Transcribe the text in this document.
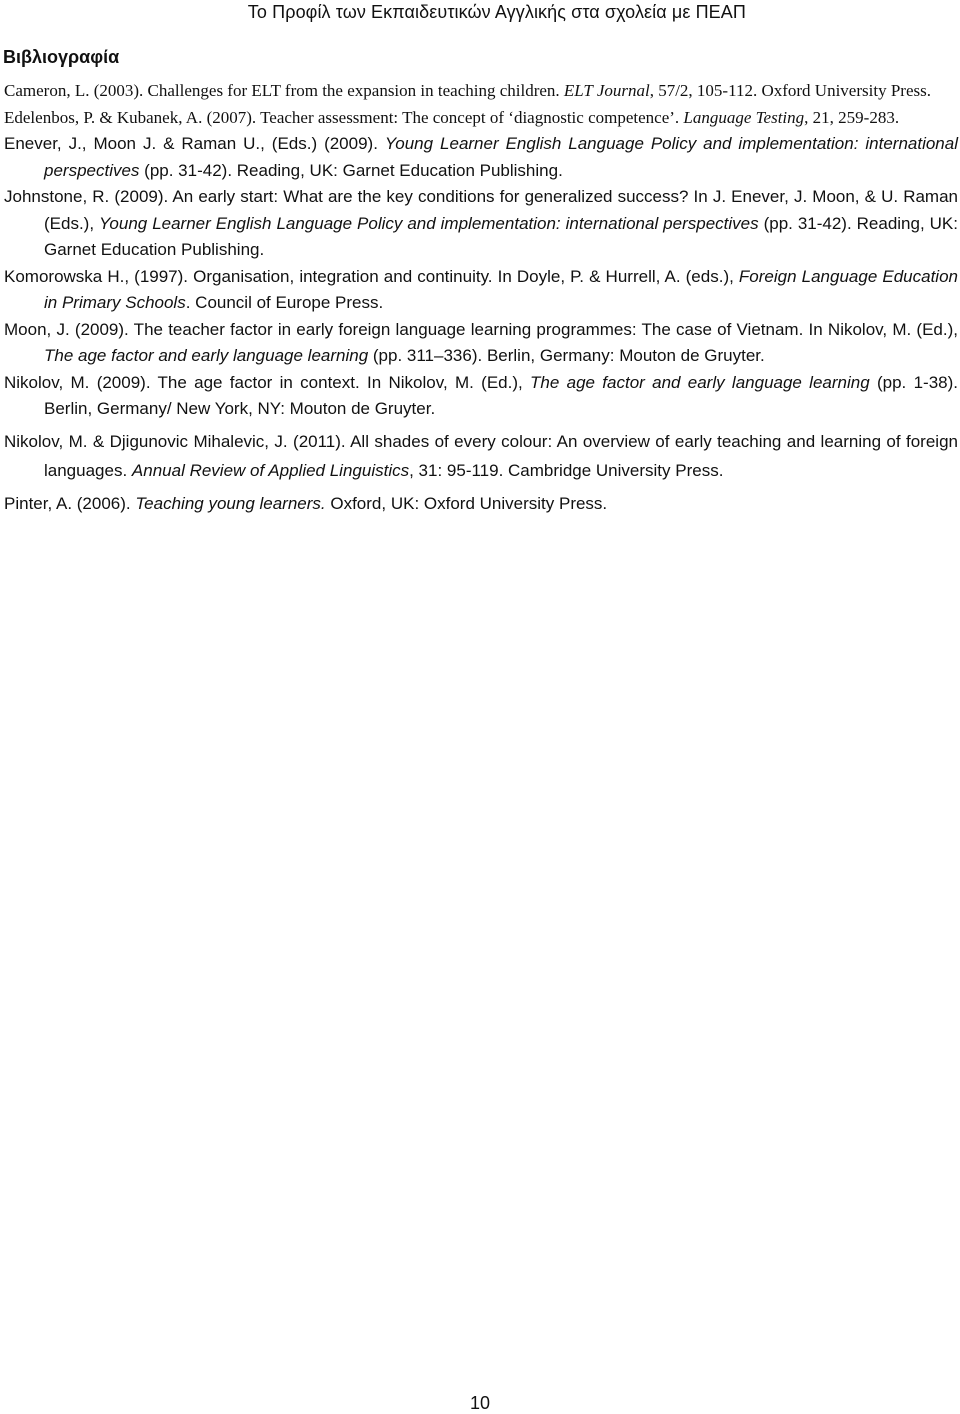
Το Προφίλ των Εκπαιδευτικών Αγγλικής στα σχολεία με ΠΕΑΠ
Βιβλιογραφία

Cameron, L. (2003). Challenges for ELT from the expansion in teaching children. ELT Journal, 57/2, 105-112. Oxford University Press.

Edelenbos, P. & Kubanek, A. (2007). Teacher assessment: The concept of ‘diagnostic competence’. Language Testing, 21, 259-283.

Enever, J., Moon J. & Raman U., (Eds.) (2009). Young Learner English Language Policy and implementation: international perspectives (pp. 31-42). Reading, UK: Garnet Education Publishing.

Johnstone, R. (2009). An early start: What are the key conditions for generalized success? In J. Enever, J. Moon, & U. Raman (Eds.), Young Learner English Language Policy and implementation: international perspectives (pp. 31-42). Reading, UK: Garnet Education Publishing.

Komorowska H., (1997). Organisation, integration and continuity. In Doyle, P. & Hurrell, A. (eds.), Foreign Language Education in Primary Schools. Council of Europe Press.

Moon, J. (2009). The teacher factor in early foreign language learning programmes: The case of Vietnam. In Nikolov, M. (Ed.), The age factor and early language learning (pp. 311–336). Berlin, Germany: Mouton de Gruyter.

Nikolov, M. (2009). The age factor in context. In Nikolov, M. (Ed.), The age factor and early language learning (pp. 1-38). Berlin, Germany/ New York, NY: Mouton de Gruyter.

Nikolov, M. & Djigunovic Mihalevic, J. (2011). All shades of every colour: An overview of early teaching and learning of foreign languages. Annual Review of Applied Linguistics, 31: 95-119. Cambridge University Press.

Pinter, A. (2006). Teaching young learners. Oxford, UK: Oxford University Press.

10
